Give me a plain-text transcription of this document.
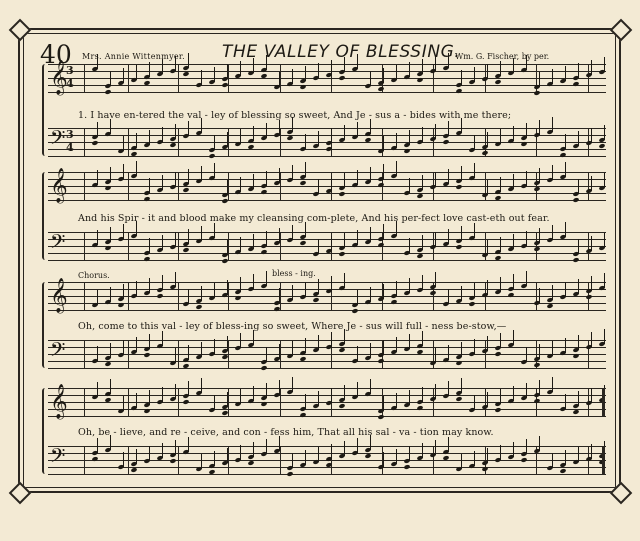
40 Mrs. Annie Wittenmyer. THE VALLEY OF BLESSING.
Wm. G. Fischer, by per.
𝄞
3
4
𝄢 3
4
𝄞
𝄢
𝄞
𝄢
𝄞
𝄢
Chorus.	bless - ing.
1. I have en-tered the val - ley of blessing so sweet, And Je - sus a - bides with me there;
And his Spir - it and blood make my cleansing com-plete, And his per-fect love cast-eth out fear.
Oh, come to this val - ley of bless-ing so sweet, Where Je - sus will full - ness be-stow,—
Oh, be - lieve, and re - ceive, and con - fess him, That all his sal - va - tion may know.
